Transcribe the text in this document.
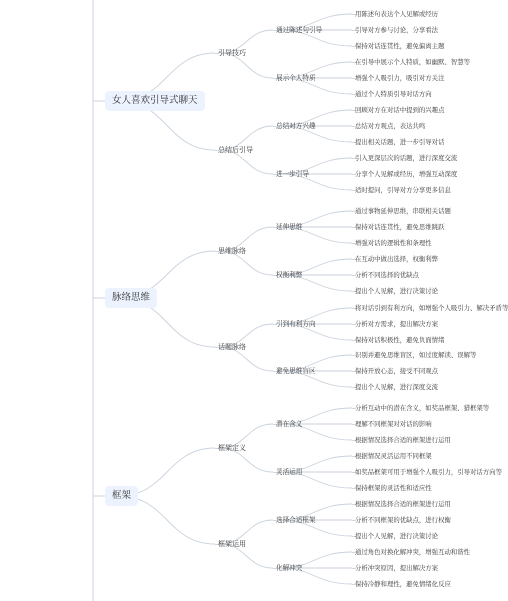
女人喜欢引导式聊天
引导技巧
通过陈述句引导
用陈述句表达个人见解或经历
引导对方参与讨论，分享看法
保持对话连贯性，避免偏离主题
展示个人特质
在引导中展示个人特质，如幽默、智慧等
增强个人吸引力，吸引对方关注
通过个人特质引导对话方向
总结后引导
总结对方兴趣
回顾对方在对话中提到的兴趣点
总结对方观点，表达共鸣
提出相关话题，进一步引导对话
进一步引导
引入更深层次的话题，进行深度交流
分享个人见解或经历，增强互动深度
适时提问，引导对方分享更多信息
脉络思维
思维脉络
延伸思维
通过事物延伸思维，串联相关话题
保持对话连贯性，避免思维跳跃
增强对话的逻辑性和条理性
权衡利弊
在互动中做出选择，权衡利弊
分析不同选择的优缺点
提出个人见解，进行决策讨论
话题脉络
引到有利方向
将对话引到有利方向，如增强个人吸引力、解决矛盾等
分析对方需求，提出解决方案
保持对话积极性，避免负面情绪
避免思维盲区
识别并避免思维盲区，如过度解读、误解等
保持开放心态，接受不同观点
提出个人见解，进行深度交流
框架
框架定义
潜在含义
分析互动中的潜在含义，如奖品框架、猎框架等
理解不同框架对对话的影响
根据情况选择合适的框架进行运用
灵活运用
根据情况灵活运用不同框架
如奖品框架可用于增强个人吸引力，引导对话方向等
保持框架的灵活性和适应性
框架运用
选择合适框架
根据情况选择合适的框架进行运用
分析不同框架的优缺点，进行权衡
提出个人见解，进行决策讨论
化解冲突
通过角色对换化解冲突，增强互动和谐性
分析冲突原因，提出解决方案
保持冷静和理性，避免情绪化反应
